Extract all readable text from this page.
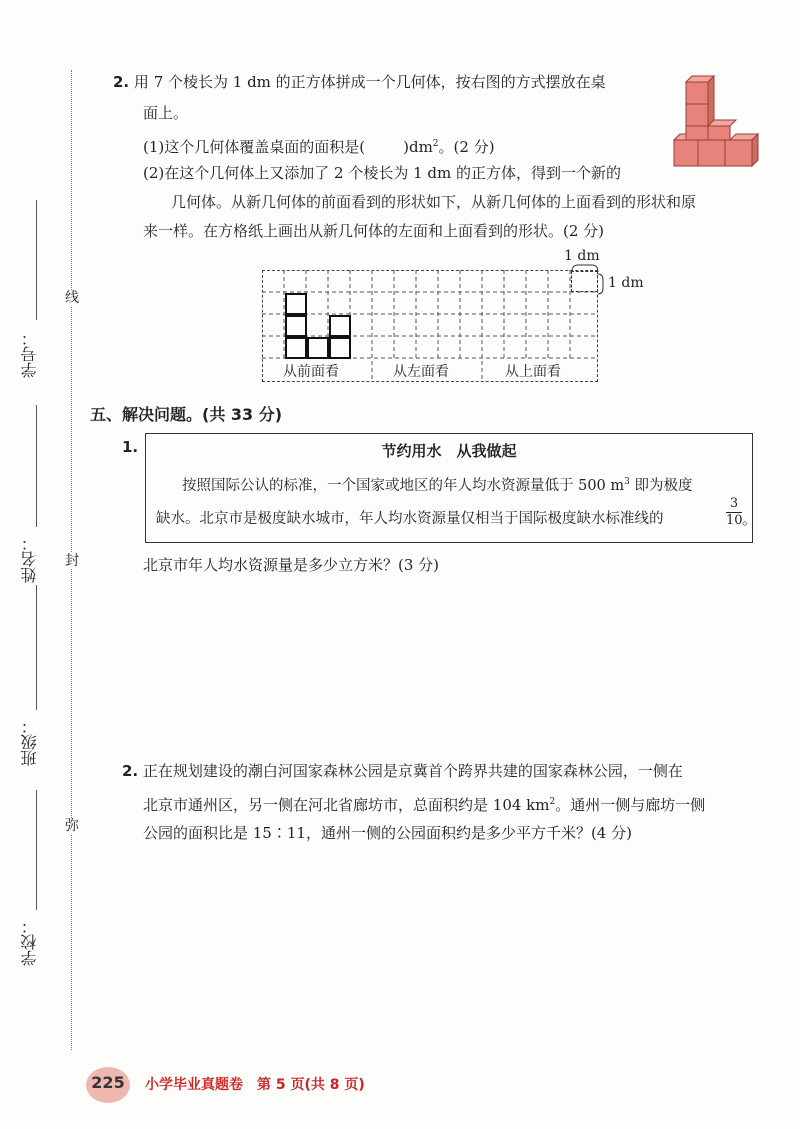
线
封
弥
学号：
姓名：
班级：
学校：
2. 用 7 个棱长为 1 dm 的正方体拼成一个几何体，按右图的方式摆放在桌
面上。
(1)这个几何体覆盖桌面的面积是(	)$dm^2$。(2 分)
(2)在这个几何体上又添加了 2 个棱长为 1 dm 的正方体，得到一个新的
几何体。从新几何体的前面看到的形状如下，从新几何体的上面看到的形状和原
来一样。在方格纸上画出从新几何体的左面和上面看到的形状。(2 分)
1 dm
1 dm
从前面看	从左面看	从上面看
五、解决问题。(共 33 分)
1.	节约用水　从我做起
按照国际公认的标准，一个国家或地区的年人均水资源量低于 500 $m^3$ 即为极度
缺水。北京市是极度缺水城市，年人均水资源量仅相当于国际极度缺水标准线的	$\frac{3}{10}$ 。
北京市年人均水资源量是多少立方米？(3 分)
2. 正在规划建设的潮白河国家森林公园是京冀首个跨界共建的国家森林公园，一侧在
北京市通州区，另一侧在河北省廊坊市，总面积约是 104 $km^2$。通州一侧与廊坊一侧
公园的面积比是 15∶11，通州一侧的公园面积约是多少平方千米？(4 分)
225	小学毕业真题卷　第 5 页(共 8 页)
